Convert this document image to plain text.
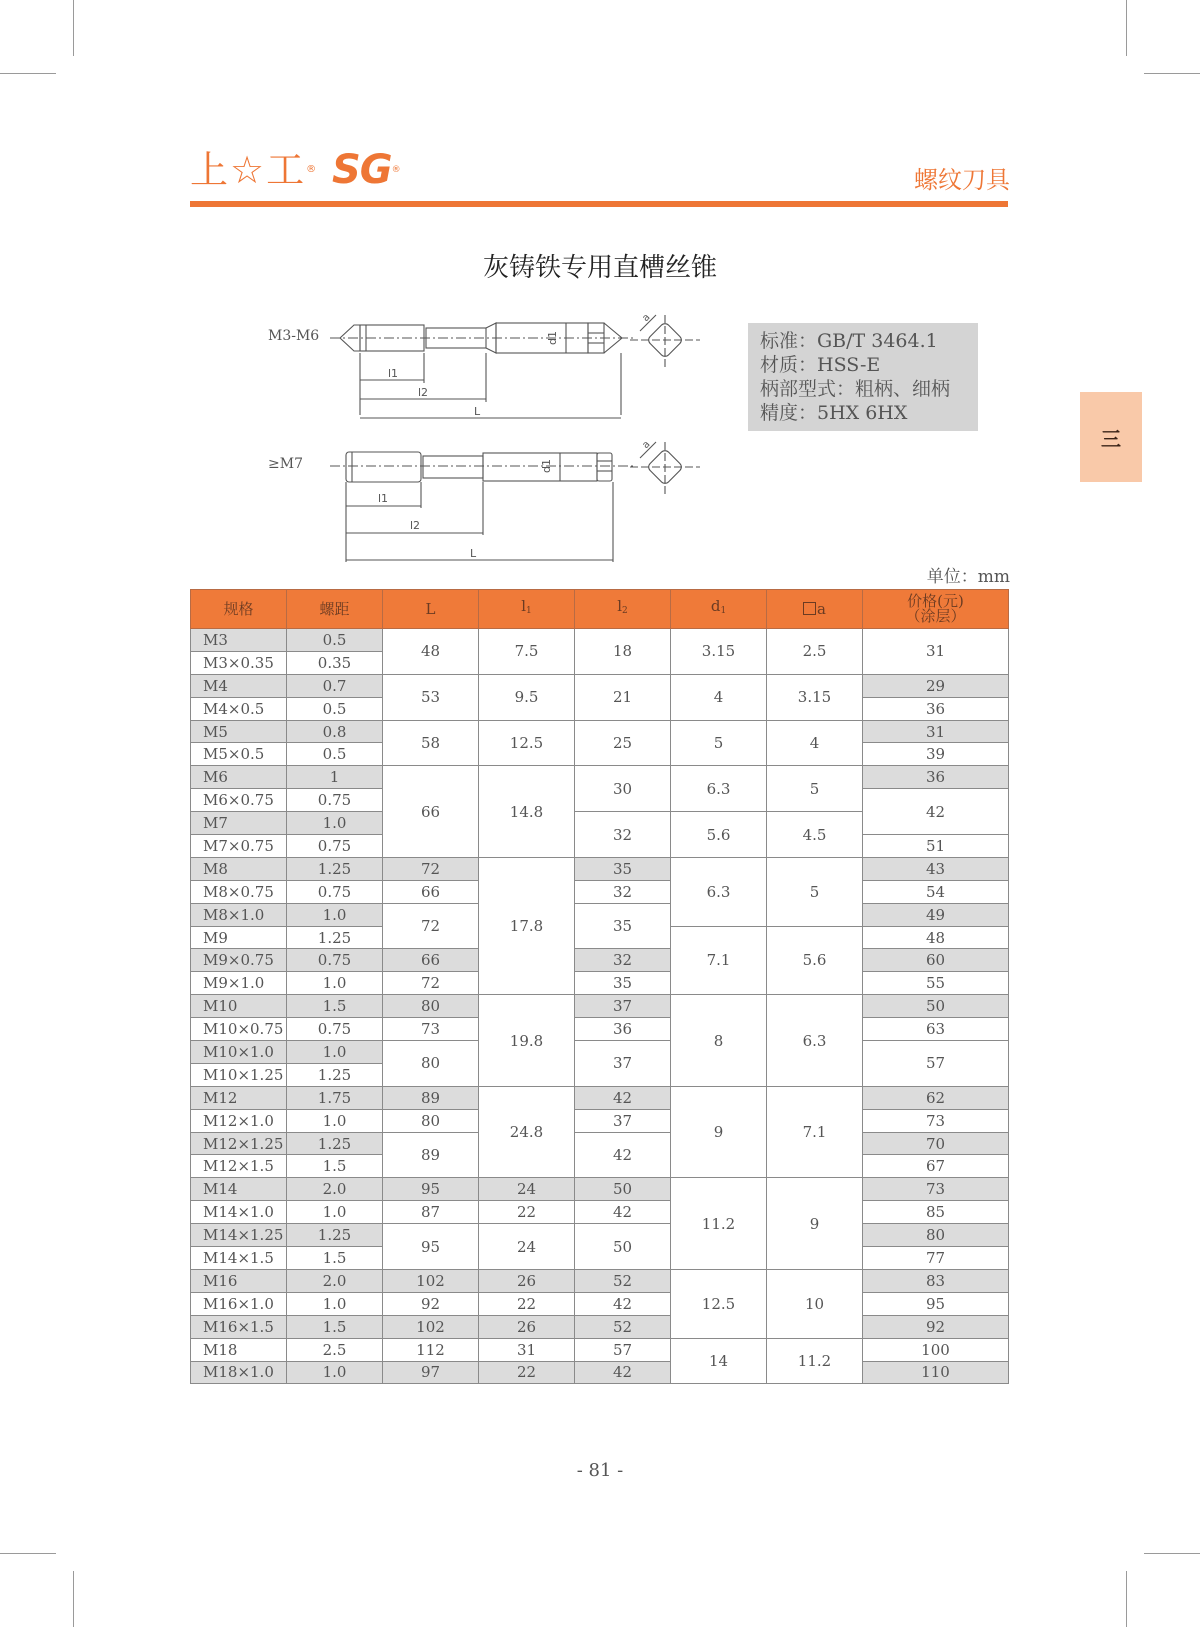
上☆工® SG®	螺纹刀具
灰铸铁专用直槽丝锥
M3-M6
l1
l2
L
d1
a
≥M7
l1
l2
L
d1
a
标准：GB/T 3464.1
材质：HSS-E
柄部型式：粗柄、细柄
精度：5HX 6HX
三
单位：mm
规格	螺距	L	$l_1$	$l_2$	$d_1$	a	价格(元)
（涂层）
M3	0.5	48	7.5	18	3.15	2.5	31
M3×0.35	0.35						
M4	0.7	53	9.5	21	4	3.15	29
M4×0.5	0.5						36
M5	0.8	58	12.5	25	5	4	31
M5×0.5	0.5						39
M6	1	66	14.8	30	6.3	5	36
M6×0.75	0.75						42
M7	1.0			32	5.6	4.5	
M7×0.75	0.75						51
M8	1.25	72	17.8	35	6.3	5	43
M8×0.75	0.75	66		32			54
M8×1.0	1.0	72		35			49
M9	1.25				7.1	5.6	48
M9×0.75	0.75	66		32			60
M9×1.0	1.0	72		35			55
M10	1.5	80	19.8	37	8	6.3	50
M10×0.75	0.75	73		36			63
M10×1.0	1.0	80		37			57
M10×1.25	1.25						
M12	1.75	89	24.8	42	9	7.1	62
M12×1.0	1.0	80		37			73
M12×1.25	1.25	89		42			70
M12×1.5	1.5						67
M14	2.0	95	24	50	11.2	9	73
M14×1.0	1.0	87	22	42			85
M14×1.25	1.25	95	24	50			80
M14×1.5	1.5						77
M16	2.0	102	26	52	12.5	10	83
M16×1.0	1.0	92	22	42			95
M16×1.5	1.5	102	26	52			92
M18	2.5	112	31	57	14	11.2	100
M18×1.0	1.0	97	22	42			110
- 81 -
